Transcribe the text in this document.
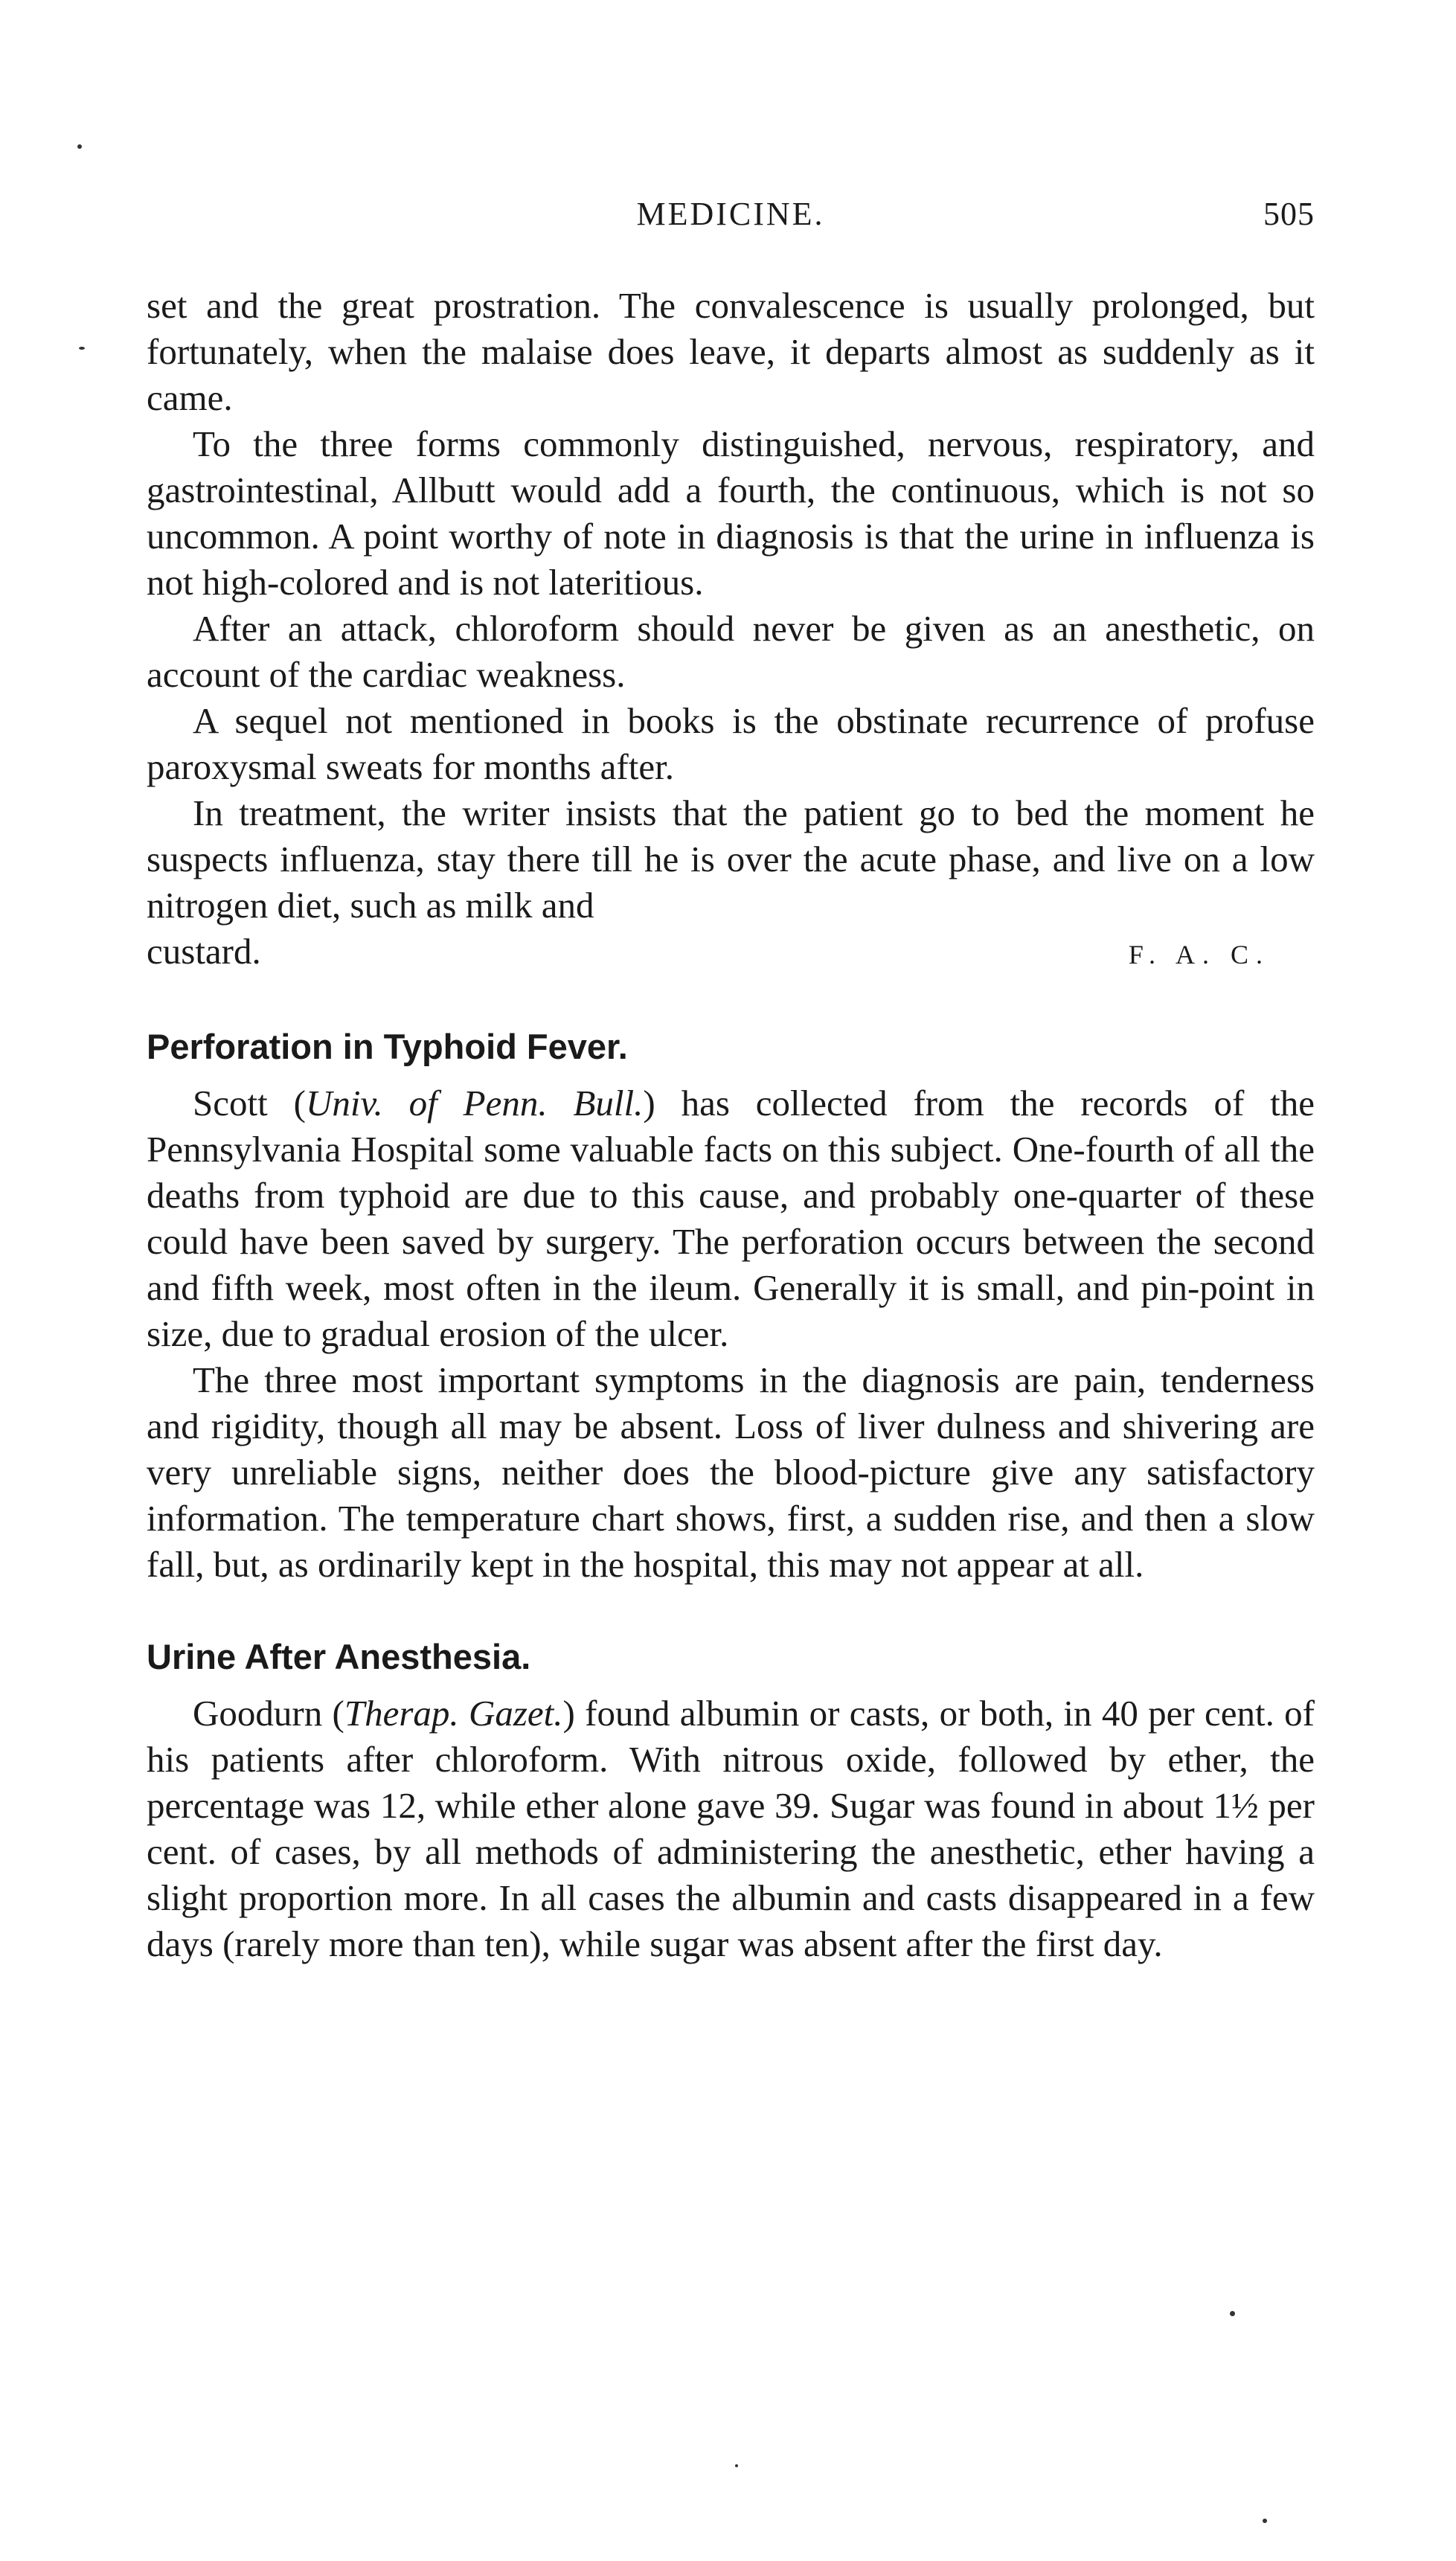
MEDICINE.	505

set and the great prostration. The convalescence is usually prolonged, but fortunately, when the malaise does leave, it departs almost as suddenly as it came.

To the three forms commonly distinguished, nervous, respiratory, and gastrointestinal, Allbutt would add a fourth, the continuous, which is not so uncommon. A point worthy of note in diagnosis is that the urine in influenza is not high-colored and is not lateritious.

After an attack, chloroform should never be given as an anesthetic, on account of the cardiac weakness.

A sequel not mentioned in books is the obstinate recurrence of profuse paroxysmal sweats for months after.

In treatment, the writer insists that the patient go to bed the moment he suspects influenza, stay there till he is over the acute phase, and live on a low nitrogen diet, such as milk and

custard.	F. A. C.
Perforation in Typhoid Fever.

Scott (Univ. of Penn. Bull.) has collected from the records of the Pennsylvania Hospital some valuable facts on this subject. One-fourth of all the deaths from typhoid are due to this cause, and probably one-quarter of these could have been saved by surgery. The perforation occurs between the second and fifth week, most often in the ileum. Generally it is small, and pin-point in size, due to gradual erosion of the ulcer.

The three most important symptoms in the diagnosis are pain, tenderness and rigidity, though all may be absent. Loss of liver dulness and shivering are very unreliable signs, neither does the blood-picture give any satisfactory information. The temperature chart shows, first, a sudden rise, and then a slow fall, but, as ordinarily kept in the hospital, this may not appear at all.

Urine After Anesthesia.

Goodurn (Therap. Gazet.) found albumin or casts, or both, in 40 per cent. of his patients after chloroform. With nitrous oxide, followed by ether, the percentage was 12, while ether alone gave 39. Sugar was found in about 1½ per cent. of cases, by all methods of administering the anesthetic, ether having a slight proportion more. In all cases the albumin and casts disappeared in a few days (rarely more than ten), while sugar was absent after the first day.
